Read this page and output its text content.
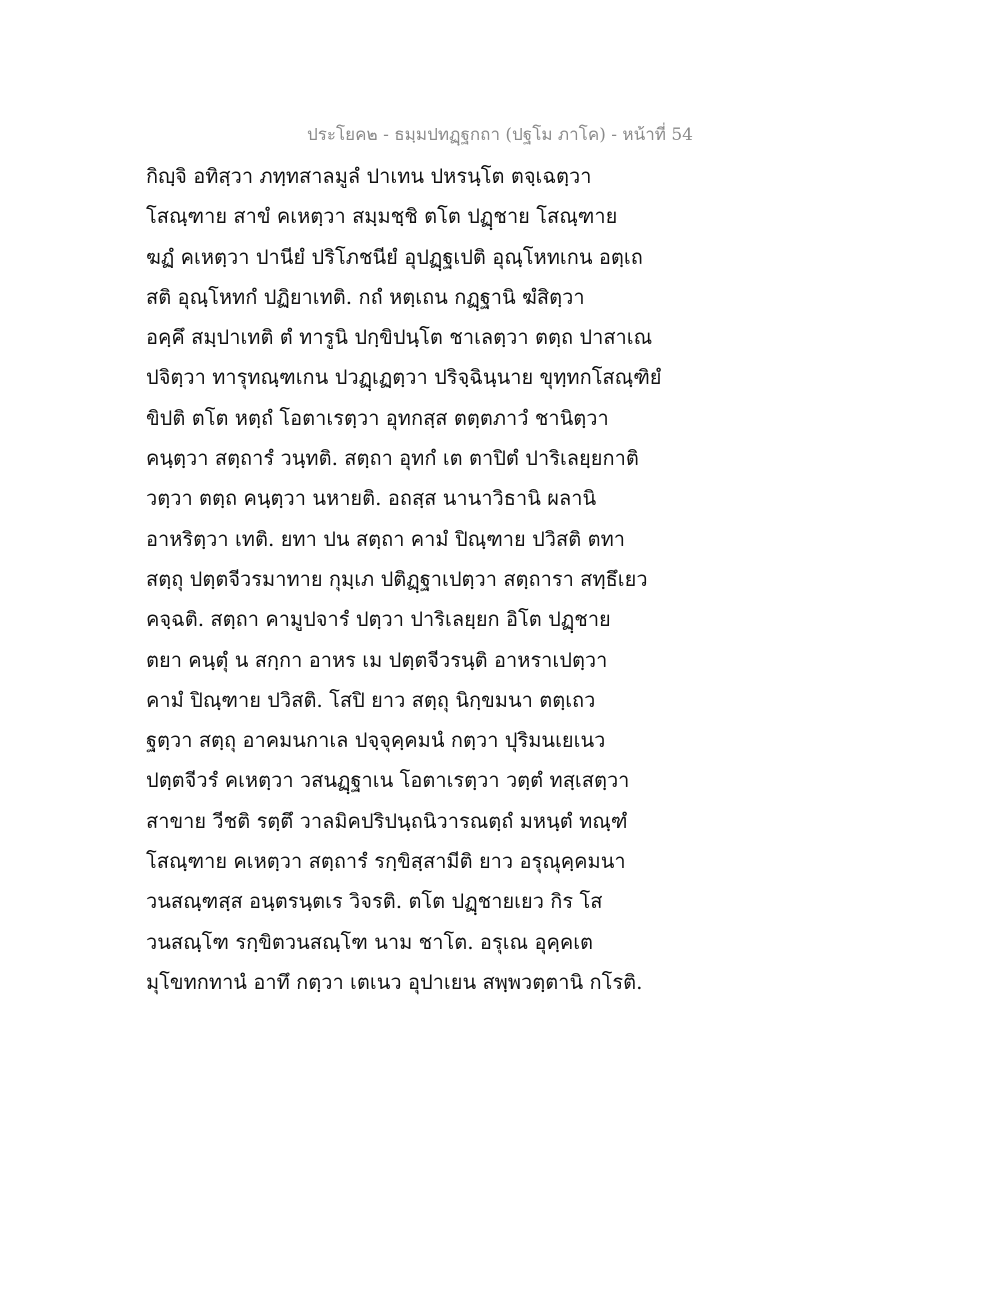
ประโยค๒ - ธมฺมปทฏฺฐกถา (ปฐโม ภาโค) - หน้าที่ 54
กิญฺจิ อทิสฺวา ภทฺทสาลมูลํ ปาเทน ปหรนฺโต ตจฺเฉตฺวา
โสณฺฑาย สาขํ คเหตฺวา สมฺมชฺชิ ตโต ปฏฺชาย โสณฺฑาย
ฆฏํ คเหตฺวา ปานียํ ปริโภชนียํ อุปฏฺฐเปติ อุณฺโหทเกน อตฺเถ
สติ อุณฺโหทกํ ปฏิยาเทติ. กถํ หตฺเถน กฏฺฐานิ ฆํสิตฺวา
อคฺคึ สมฺปาเทติ ตํ ทารูนิ ปกฺขิปนฺโต ชาเลตฺวา ตตฺถ ปาสาเณ
ปจิตฺวา ทารุทณฺฑเกน ปวฏฺเฏตฺวา ปริจฺฉินฺนาย ขุทฺทกโสณฺฑิยํ
ขิปติ ตโต หตฺถํ โอตาเรตฺวา อุทกสฺส ตตฺตภาวํ ชานิตฺวา
คนฺตฺวา สตฺถารํ วนฺทติ. สตฺถา อุทกํ เต ตาปิตํ ปาริเลยฺยกาติ
วตฺวา ตตฺถ คนฺตฺวา นหายติ. อถสฺส นานาวิธานิ ผลานิ
อาหริตฺวา เทติ. ยทา ปน สตฺถา คามํ ปิณฺฑาย ปวิสติ ตทา
สตฺถุ ปตฺตจีวรมาทาย กุมฺเภ ปติฏฺฐาเปตฺวา สตฺถารา สทฺธึเยว
คจฺฉติ. สตฺถา คามูปจารํ ปตฺวา ปาริเลยฺยก อิโต ปฏฺชาย
ตยา คนฺตุํ น สกฺกา อาหร เม ปตฺตจีวรนฺติ อาหราเปตฺวา
คามํ ปิณฺฑาย ปวิสติ. โสปิ ยาว สตฺถุ นิกฺขมนา ตตฺเถว
ฐตฺวา สตฺถุ อาคมนกาเล ปจฺจุคฺคมนํ กตฺวา ปุริมนเยเนว
ปตฺตจีวรํ คเหตฺวา วสนฏฺฐาเน โอตาเรตฺวา วตฺตํ ทสฺเสตฺวา
สาขาย วีชติ รตฺตึ วาลมิคปริปนฺถนิวารณตฺถํ มหนฺตํ ทณฺฑํ
โสณฺฑาย คเหตฺวา สตฺถารํ รกฺขิสฺสามีติ ยาว อรุณุคฺคมนา
วนสณฺฑสฺส อนฺตรนฺตเร วิจรติ. ตโต ปฏฺชายเยว กิร โส
วนสณฺโฑ รกฺขิตวนสณฺโฑ นาม ชาโต. อรุเณ อุคฺคเต
มุโขทกทานํ อาทึ กตฺวา เตเนว อุปาเยน สพฺพวตฺตานิ กโรติ.
